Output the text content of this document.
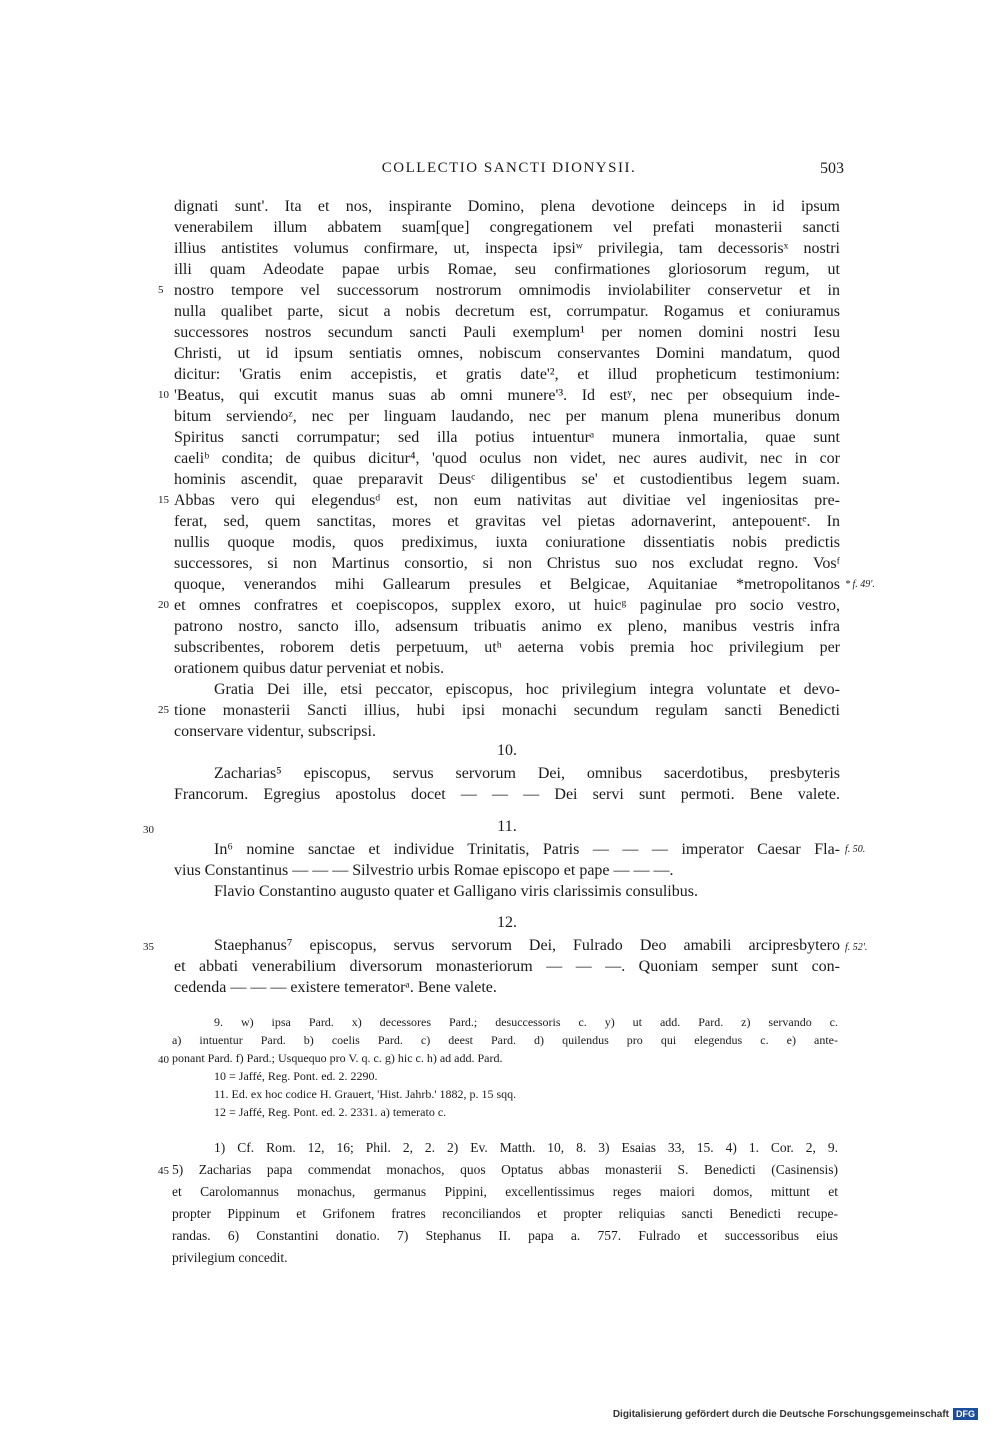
COLLECTIO SANCTI DIONYSII.	503
dignati sunt'. Ita et nos, inspirante Domino, plena devotione deinceps in id ipsum
venerabilem illum abbatem suam[que] congregationem vel prefati monasterii sancti
illius antistites volumus confirmare, ut, inspecta ipsiʷ privilegia, tam decessorisˣ nostri
illi quam Adeodate papae urbis Romae, seu confirmationes gloriosorum regum, ut
nostro tempore vel successorum nostrorum omnimodis inviolabiliter conservetur et in
nulla qualibet parte, sicut a nobis decretum est, corrumpatur. Rogamus et coniuramus
successores nostros secundum sancti Pauli exemplum¹ per nomen domini nostri Iesu
Christi, ut id ipsum sentiatis omnes, nobiscum conservantes Domini mandatum, quod
dicitur: 'Gratis enim accepistis, et gratis date'², et illud propheticum testimonium:
'Beatus, qui excutit manus suas ab omni munere'³. Id estʸ, nec per obsequium inde-
bitum serviendoᶻ, nec per linguam laudando, nec per manum plena muneribus donum
Spiritus sancti corrumpatur; sed illa potius intuenturᵃ munera inmortalia, quae sunt
caeliᵇ condita; de quibus dicitur⁴, 'quod oculus non videt, nec aures audivit, nec in cor
hominis ascendit, quae preparavit Deusᶜ diligentibus se' et custodientibus legem suam.
Abbas vero qui elegendusᵈ est, non eum nativitas aut divitiae vel ingeniositas pre-
ferat, sed, quem sanctitas, mores et gravitas vel pietas adornaverint, antepouentᵉ. In
nullis quoque modis, quos prediximus, iuxta coniuratione dissentiatis nobis predictis
successores, si non Martinus consortio, si non Christus suo nos excludat regno. Vosᶠ
quoque, venerandos mihi Gallearum presules et Belgicae, Aquitaniae *metropolitanos
et omnes confratres et coepiscopos, supplex exoro, ut huicᵍ paginulae pro socio vestro,
patrono nostro, sancto illo, adsensum tribuatis animo ex pleno, manibus vestris infra
subscribentes, roborem detis perpetuum, utʰ aeterna vobis premia hoc privilegium per
orationem quibus datur perveniat et nobis.
Gratia Dei ille, etsi peccator, episcopus, hoc privilegium integra voluntate et devo-
tione monasterii Sancti illius, hubi ipsi monachi secundum regulam sancti Benedicti
conservare videntur, subscripsi.
5
10
15
20
25
30
35
40
45
* f. 49'.
f. 50.
f. 52'.
10.
Zacharias⁵ episcopus, servus servorum Dei, omnibus sacerdotibus, presbyteris
Francorum. Egregius apostolus docet — — — Dei servi sunt permoti. Bene valete.
11.
In⁶ nomine sanctae et individue Trinitatis, Patris — — — imperator Caesar Fla-
vius Constantinus — — — Silvestrio urbis Romae episcopo et pape — — —.
Flavio Constantino augusto quater et Galligano viris clarissimis consulibus.
12.
Staephanus⁷ episcopus, servus servorum Dei, Fulrado Deo amabili arcipresbytero
et abbati venerabilium diversorum monasteriorum — — —. Quoniam semper sunt con-
cedenda — — — existere temeratorᵃ. Bene valete.
9. w) ipsa Pard. x) decessores Pard.; desuccessoris c. y) ut add. Pard. z) servando c.
a) intuentur Pard. b) coelis Pard. c) deest Pard. d) quilendus pro qui elegendus c. e) ante-
ponant Pard. f) Pard.; Usquequo pro V. q. c. g) hic c. h) ad add. Pard.
10 = Jaffé, Reg. Pont. ed. 2. 2290.
11. Ed. ex hoc codice H. Grauert, 'Hist. Jahrb.' 1882, p. 15 sqq.
12 = Jaffé, Reg. Pont. ed. 2. 2331. a) temerato c.
1) Cf. Rom. 12, 16; Phil. 2, 2. 2) Ev. Matth. 10, 8. 3) Esaias 33, 15. 4) 1. Cor. 2, 9.
5) Zacharias papa commendat monachos, quos Optatus abbas monasterii S. Benedicti (Casinensis)
et Carolomannus monachus, germanus Pippini, excellentissimus reges maiori domos, mittunt et
propter Pippinum et Grifonem fratres reconciliandos et propter reliquias sancti Benedicti recupe-
randas. 6) Constantini donatio. 7) Stephanus II. papa a. 757. Fulrado et successoribus eius
privilegium concedit.
Digitalisierung gefördert durch die Deutsche Forschungsgemeinschaft DFG
